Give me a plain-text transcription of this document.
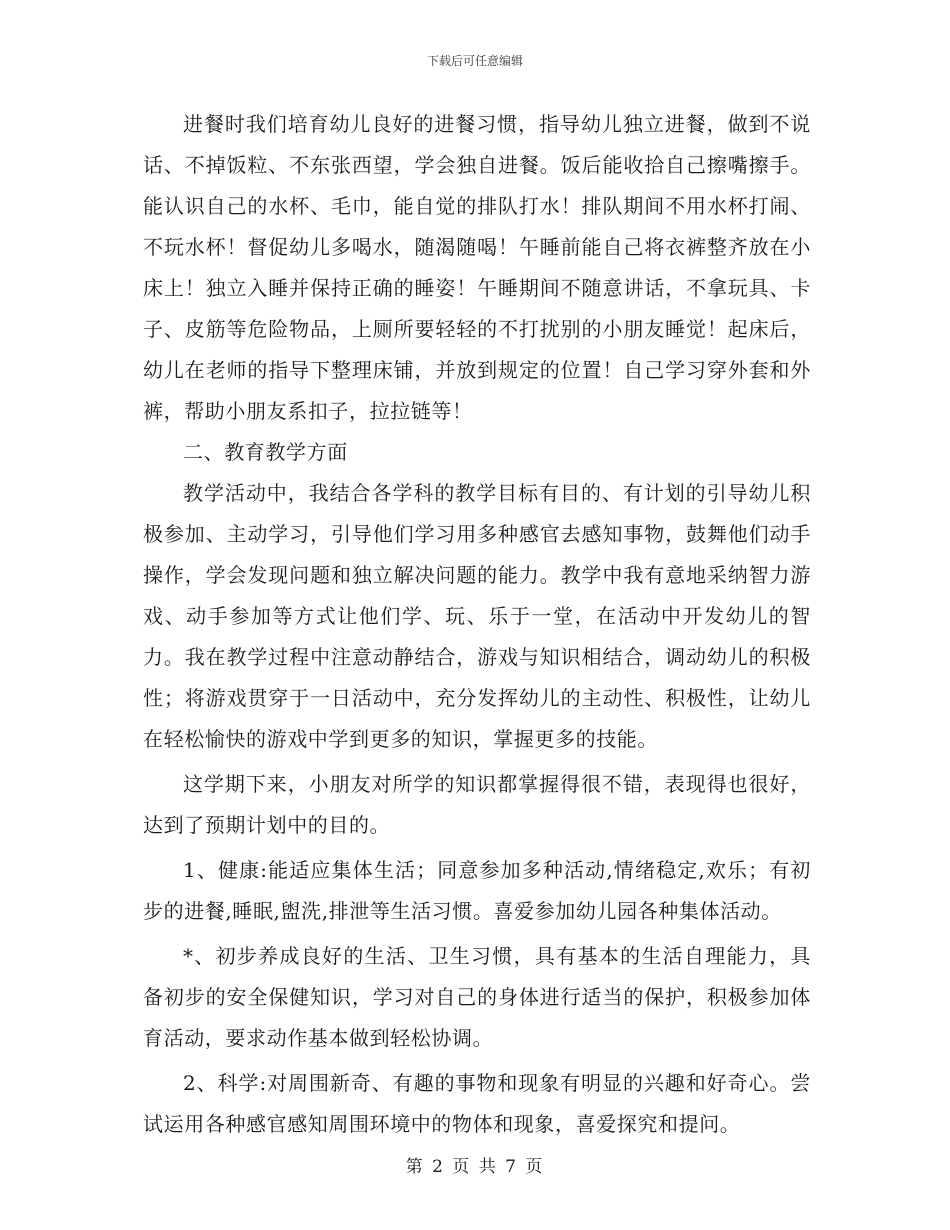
下载后可任意编辑

进餐时我们培育幼儿良好的进餐习惯，指导幼儿独立进餐，做到不说话、不掉饭粒、不东张西望，学会独自进餐。饭后能收拾自己擦嘴擦手。能认识自己的水杯、毛巾，能自觉的排队打水！排队期间不用水杯打闹、不玩水杯！督促幼儿多喝水，随渴随喝！午睡前能自己将衣裤整齐放在小床上！独立入睡并保持正确的睡姿！午睡期间不随意讲话，不拿玩具、卡子、皮筋等危险物品，上厕所要轻轻的不打扰别的小朋友睡觉！起床后，幼儿在老师的指导下整理床铺，并放到规定的位置！自己学习穿外套和外裤，帮助小朋友系扣子，拉拉链等！

二、教育教学方面

教学活动中，我结合各学科的教学目标有目的、有计划的引导幼儿积极参加、主动学习，引导他们学习用多种感官去感知事物，鼓舞他们动手操作，学会发现问题和独立解决问题的能力。教学中我有意地采纳智力游戏、动手参加等方式让他们学、玩、乐于一堂，在活动中开发幼儿的智力。我在教学过程中注意动静结合，游戏与知识相结合，调动幼儿的积极性；将游戏贯穿于一日活动中，充分发挥幼儿的主动性、积极性，让幼儿在轻松愉快的游戏中学到更多的知识，掌握更多的技能。

这学期下来，小朋友对所学的知识都掌握得很不错，表现得也很好，达到了预期计划中的目的。

1、健康:能适应集体生活；同意参加多种活动,情绪稳定,欢乐；有初步的进餐,睡眠,盥洗,排泄等生活习惯。喜爱参加幼儿园各种集体活动。

*、初步养成良好的生活、卫生习惯，具有基本的生活自理能力，具备初步的安全保健知识，学习对自己的身体进行适当的保护，积极参加体育活动，要求动作基本做到轻松协调。

2、科学:对周围新奇、有趣的事物和现象有明显的兴趣和好奇心。尝试运用各种感官感知周围环境中的物体和现象，喜爱探究和提问。

第 2 页 共 7 页
